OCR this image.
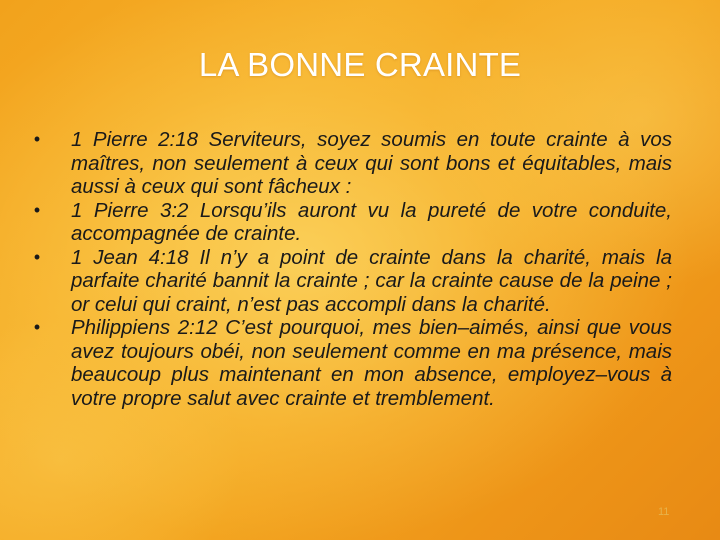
LA BONNE CRAINTE
• 1 Pierre 2:18 Serviteurs, soyez soumis en toute crainte à vos maîtres, non seulement à ceux qui sont bons et équitables, mais aussi à ceux qui sont fâcheux :
• 1 Pierre 3:2 Lorsqu’ils auront vu la pureté de votre conduite, accompagnée de crainte.
• 1 Jean 4:18 Il n’y a point de crainte dans la charité, mais la parfaite charité bannit la crainte ; car la crainte cause de la peine ; or celui qui craint, n’est pas accompli dans la charité.
• Philippiens 2:12 C’est pourquoi, mes bien‒aimés, ainsi que vous avez toujours obéi, non seulement comme en ma présence, mais beaucoup plus maintenant en mon absence, employez‒vous à votre propre salut avec crainte et tremblement.
11
